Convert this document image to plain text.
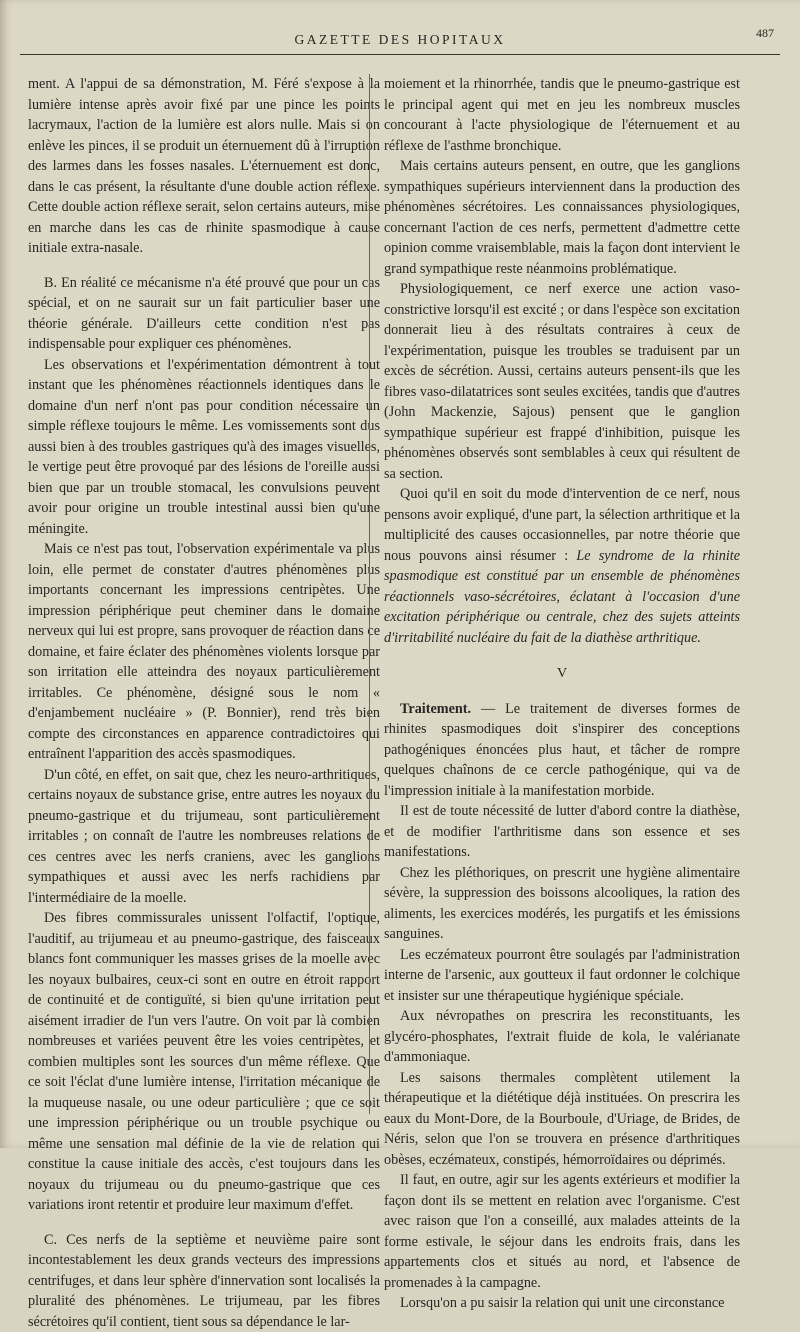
GAZETTE DES HOPITAUX	487

ment. A l'appui de sa démonstration, M. Féré s'expose à la lumière intense après avoir fixé par une pince les points lacrymaux, l'action de la lumière est alors nulle. Mais si on enlève les pinces, il se produit un éternuement dû à l'irruption des larmes dans les fosses nasales. L'éternuement est donc, dans le cas présent, la résultante d'une double action réflexe. Cette double action réflexe serait, selon certains auteurs, mise en marche dans les cas de rhinite spasmodique à cause initiale extra-nasale.

B. En réalité ce mécanisme n'a été prouvé que pour un cas spécial, et on ne saurait sur un fait particulier baser une théorie générale. D'ailleurs cette condition n'est pas indispensable pour expliquer ces phénomènes.

Les observations et l'expérimentation démontrent à tout instant que les phénomènes réactionnels identiques dans le domaine d'un nerf n'ont pas pour condition nécessaire un simple réflexe toujours le même. Les vomissements sont dus aussi bien à des troubles gastriques qu'à des images visuelles, le vertige peut être provoqué par des lésions de l'oreille aussi bien que par un trouble stomacal, les convulsions peuvent avoir pour origine un trouble intestinal aussi bien qu'une méningite.

Mais ce n'est pas tout, l'observation expérimentale va plus loin, elle permet de constater d'autres phénomènes plus importants concernant les impressions centripètes. Une impression périphérique peut cheminer dans le domaine nerveux qui lui est propre, sans provoquer de réaction dans ce domaine, et faire éclater des phénomènes violents lorsque par son irritation elle atteindra des noyaux particulièrement irritables. Ce phénomène, désigné sous le nom « d'enjambement nucléaire » (P. Bonnier), rend très bien compte des circonstances en apparence contradictoires qui entraînent l'apparition des accès spasmodiques.

D'un côté, en effet, on sait que, chez les neuro-arthritiques, certains noyaux de substance grise, entre autres les noyaux du pneumo-gastrique et du trijumeau, sont particulièrement irritables ; on connaît de l'autre les nombreuses relations de ces centres avec les nerfs craniens, avec les ganglions sympathiques et aussi avec les nerfs rachidiens par l'intermédiaire de la moelle.

Des fibres commissurales unissent l'olfactif, l'optique, l'auditif, au trijumeau et au pneumo-gastrique, des faisceaux blancs font communiquer les masses grises de la moelle avec les noyaux bulbaires, ceux-ci sont en outre en étroit rapport de continuité et de contiguïté, si bien qu'une irritation peut aisément irradier de l'un vers l'autre. On voit par là combien nombreuses et variées peuvent être les voies centripètes, et combien multiples sont les sources d'un même réflexe. Que ce soit l'éclat d'une lumière intense, l'irritation mécanique de la muqueuse nasale, ou une odeur particulière ; que ce soit une impression périphérique ou un trouble psychique ou même une sensation mal définie de la vie de relation qui constitue la cause initiale des accès, c'est toujours dans les noyaux du trijumeau ou du pneumo-gastrique que ces variations iront retentir et produire leur maximum d'effet.

C. Ces nerfs de la septième et neuvième paire sont incontestablement les deux grands vecteurs des impressions centrifuges, et dans leur sphère d'innervation sont localisés la pluralité des phénomènes. Le trijumeau, par les fibres sécrétoires qu'il contient, tient sous sa dépendance le lar-

moiement et la rhinorrhée, tandis que le pneumo-gastrique est le principal agent qui met en jeu les nombreux muscles concourant à l'acte physiologique de l'éternuement et au réflexe de l'asthme bronchique.

Mais certains auteurs pensent, en outre, que les ganglions sympathiques supérieurs interviennent dans la production des phénomènes sécrétoires. Les connaissances physiologiques, concernant l'action de ces nerfs, permettent d'admettre cette opinion comme vraisemblable, mais la façon dont intervient le grand sympathique reste néanmoins problématique.

Physiologiquement, ce nerf exerce une action vaso-constrictive lorsqu'il est excité ; or dans l'espèce son excitation donnerait lieu à des résultats contraires à ceux de l'expérimentation, puisque les troubles se traduisent par un excès de sécrétion. Aussi, certains auteurs pensent-ils que les fibres vaso-dilatatrices sont seules excitées, tandis que d'autres (John Mackenzie, Sajous) pensent que le ganglion sympathique supérieur est frappé d'inhibition, puisque les phénomènes observés sont semblables à ceux qui résultent de sa section.

Quoi qu'il en soit du mode d'intervention de ce nerf, nous pensons avoir expliqué, d'une part, la sélection arthritique et la multiplicité des causes occasionnelles, par notre théorie que nous pouvons ainsi résumer : Le syndrome de la rhinite spasmodique est constitué par un ensemble de phénomènes réactionnels vaso-sécrétoires, éclatant à l'occasion d'une excitation périphérique ou centrale, chez des sujets atteints d'irritabilité nucléaire du fait de la diathèse arthritique.

V

Traitement. — Le traitement de diverses formes de rhinites spasmodiques doit s'inspirer des conceptions pathogéniques énoncées plus haut, et tâcher de rompre quelques chaînons de ce cercle pathogénique, qui va de l'impression initiale à la manifestation morbide.

Il est de toute nécessité de lutter d'abord contre la diathèse, et de modifier l'arthritisme dans son essence et ses manifestations.

Chez les pléthoriques, on prescrit une hygiène alimentaire sévère, la suppression des boissons alcooliques, la ration des aliments, les exercices modérés, les purgatifs et les émissions sanguines.

Les eczémateux pourront être soulagés par l'administration interne de l'arsenic, aux goutteux il faut ordonner le colchique et insister sur une thérapeutique hygiénique spéciale.

Aux névropathes on prescrira les reconstituants, les glycéro-phosphates, l'extrait fluide de kola, le valérianate d'ammoniaque.

Les saisons thermales complètent utilement la thérapeutique et la diététique déjà instituées. On prescrira les eaux du Mont-Dore, de la Bourboule, d'Uriage, de Brides, de Néris, selon que l'on se trouvera en présence d'arthritiques obèses, eczémateux, constipés, hémorroïdaires ou déprimés.

Il faut, en outre, agir sur les agents extérieurs et modifier la façon dont ils se mettent en relation avec l'organisme. C'est avec raison que l'on a conseillé, aux malades atteints de la forme estivale, le séjour dans les endroits frais, dans les appartements clos et situés au nord, et l'absence de promenades à la campagne.

Lorsqu'on a pu saisir la relation qui unit une circonstance
